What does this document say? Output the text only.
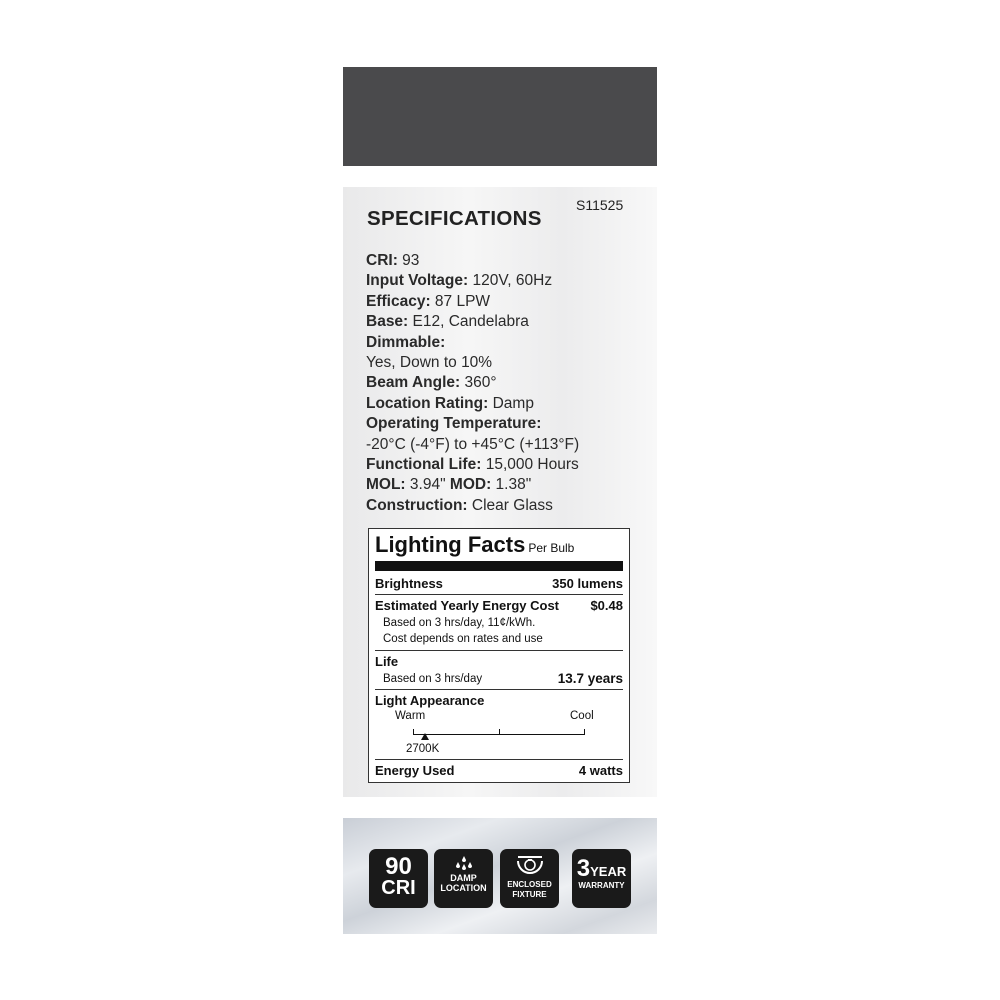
SPECIFICATIONS
S11525
CRI: 93
Input Voltage: 120V, 60Hz
Efficacy: 87 LPW
Base: E12, Candelabra
Dimmable:
Yes, Down to 10%
Beam Angle: 360°
Location Rating: Damp
Operating Temperature:
-20°C (-4°F) to +45°C (+113°F)
Functional Life: 15,000 Hours
MOL: 3.94" MOD: 1.38"
Construction: Clear Glass
Lighting Facts Per Bulb
Brightness	350 lumens
Estimated Yearly Energy Cost $0.48
Based on 3 hrs/day, 11¢/kWh.
Cost depends on rates and use
Life
Based on 3 hrs/day	13.7 years
Light Appearance
Warm	Cool
2700K
Energy Used	4 watts
90
CRI	DAMP
LOCATION	ENCLOSED
FIXTURE
3YEAR
WARRANTY
